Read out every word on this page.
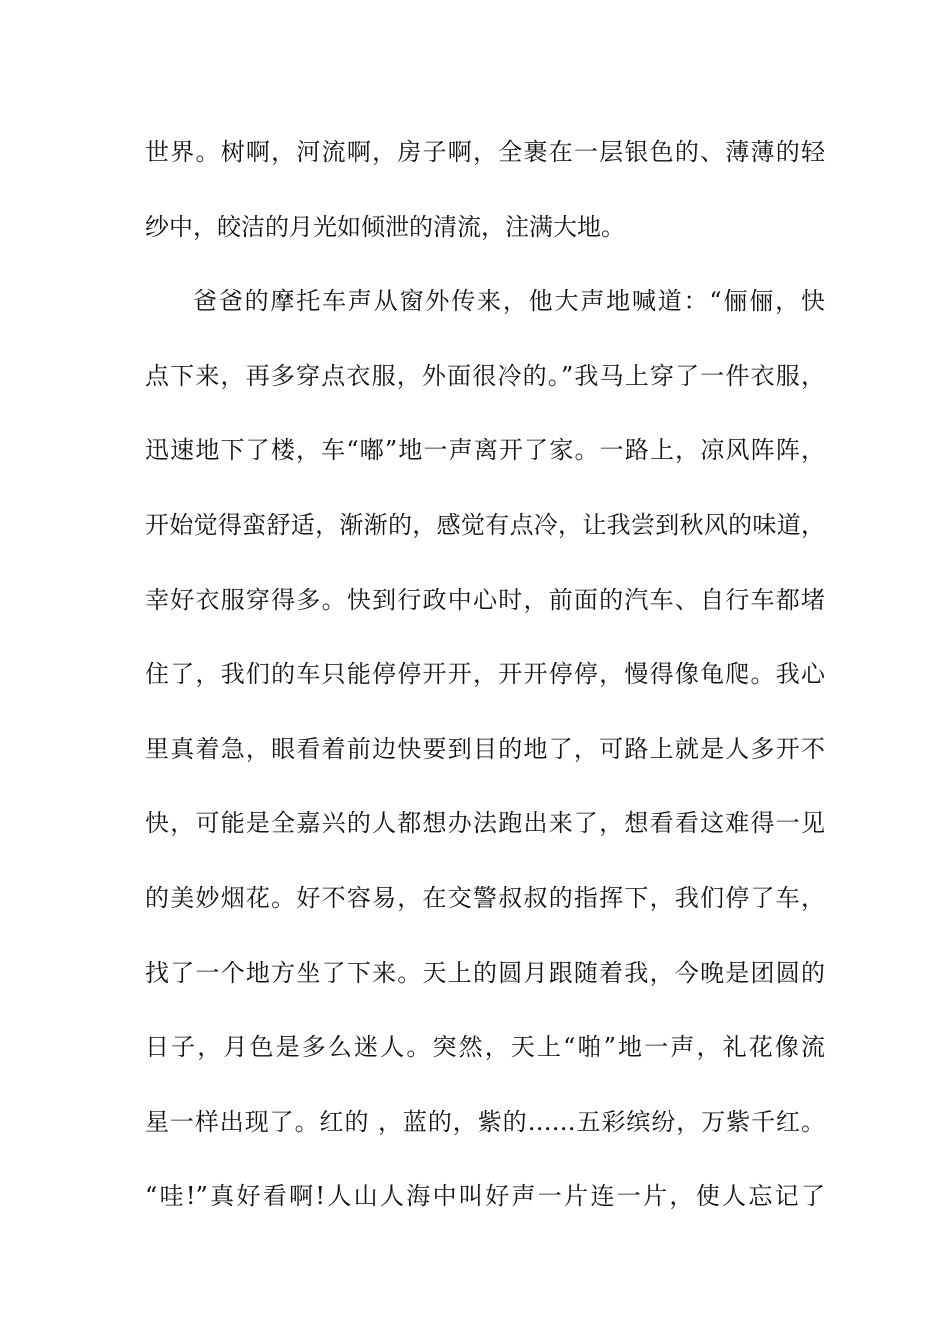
世界。树啊，河流啊，房子啊，全裹在一层银色的、薄薄的轻
纱中，皎洁的月光如倾泄的清流，注满大地。
爸爸的摩托车声从窗外传来，他大声地喊道：“俪俪，快
点下来，再多穿点衣服，外面很冷的。”我马上穿了一件衣服，
迅速地下了楼，车“嘟”地一声离开了家。一路上，凉风阵阵，
开始觉得蛮舒适，渐渐的，感觉有点冷，让我尝到秋风的味道，
幸好衣服穿得多。快到行政中心时，前面的汽车、自行车都堵
住了，我们的车只能停停开开，开开停停，慢得像龟爬。我心
里真着急，眼看着前边快要到目的地了，可路上就是人多开不
快，可能是全嘉兴的人都想办法跑出来了，想看看这难得一见
的美妙烟花。好不容易，在交警叔叔的指挥下，我们停了车，
找了一个地方坐了下来。天上的圆月跟随着我，今晚是团圆的
日子，月色是多么迷人。突然，天上“啪”地一声，礼花像流
星一样出现了。红的 ，蓝的，紫的……五彩缤纷，万紫千红。
“哇!”真好看啊!人山人海中叫好声一片连一片，使人忘记了
